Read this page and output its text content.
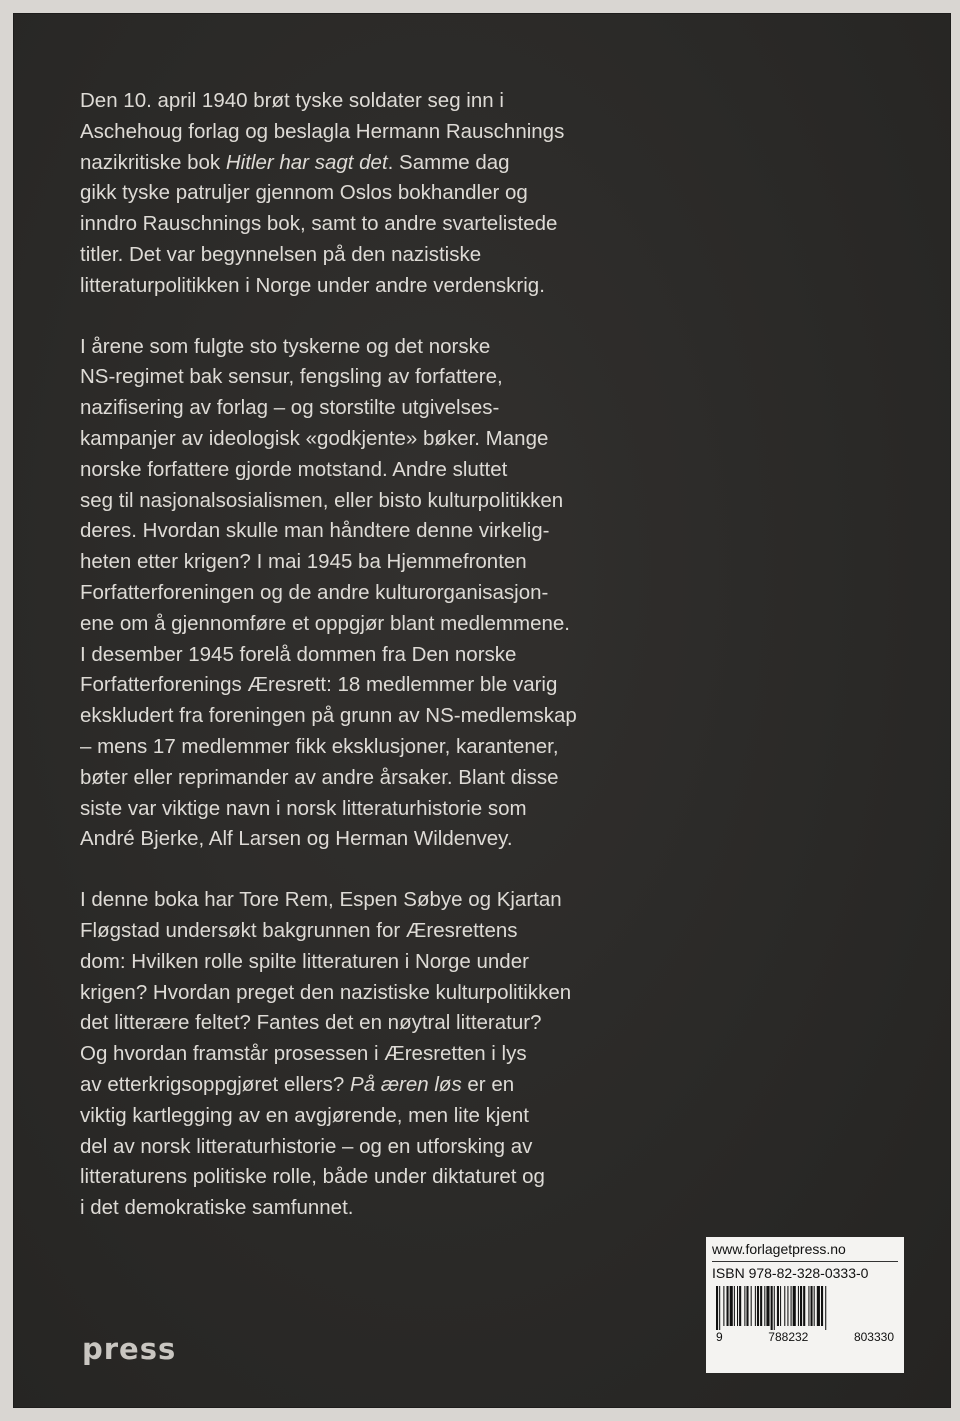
Den 10. april 1940 brøt tyske soldater seg inn i
Aschehoug forlag og beslagla Hermann Rauschnings
nazikritiske bok Hitler har sagt det. Samme dag
gikk tyske patruljer gjennom Oslos bokhandler og
inndro Rauschnings bok, samt to andre svartelistede
titler. Det var begynnelsen på den nazistiske
litteraturpolitikken i Norge under andre verdenskrig.

I årene som fulgte sto tyskerne og det norske
NS-regimet bak sensur, fengsling av forfattere,
nazifisering av forlag – og storstilte utgivelses-
kampanjer av ideologisk «godkjente» bøker. Mange
norske forfattere gjorde motstand. Andre sluttet
seg til nasjonalsosialismen, eller bisto kulturpolitikken
deres. Hvordan skulle man håndtere denne virkelig-
heten etter krigen? I mai 1945 ba Hjemmefronten
Forfatterforeningen og de andre kulturorganisasjon-
ene om å gjennomføre et oppgjør blant medlemmene.
I desember 1945 forelå dommen fra Den norske
Forfatterforenings Æresrett: 18 medlemmer ble varig
ekskludert fra foreningen på grunn av NS-medlemskap
– mens 17 medlemmer fikk eksklusjoner, karantener,
bøter eller reprimander av andre årsaker. Blant disse
siste var viktige navn i norsk litteraturhistorie som
André Bjerke, Alf Larsen og Herman Wildenvey.

I denne boka har Tore Rem, Espen Søbye og Kjartan
Fløgstad undersøkt bakgrunnen for Æresrettens
dom: Hvilken rolle spilte litteraturen i Norge under
krigen? Hvordan preget den nazistiske kulturpolitikken
det litterære feltet? Fantes det en nøytral litteratur?
Og hvordan framstår prosessen i Æresretten i lys
av etterkrigsoppgjøret ellers? På æren løs er en
viktig kartlegging av en avgjørende, men lite kjent
del av norsk litteraturhistorie – og en utforsking av
litteraturens politiske rolle, både under diktaturet og
i det demokratiske samfunnet.

press
www.forlagetpress.no
ISBN 978-82-328-0333-0
9	788232	803330
